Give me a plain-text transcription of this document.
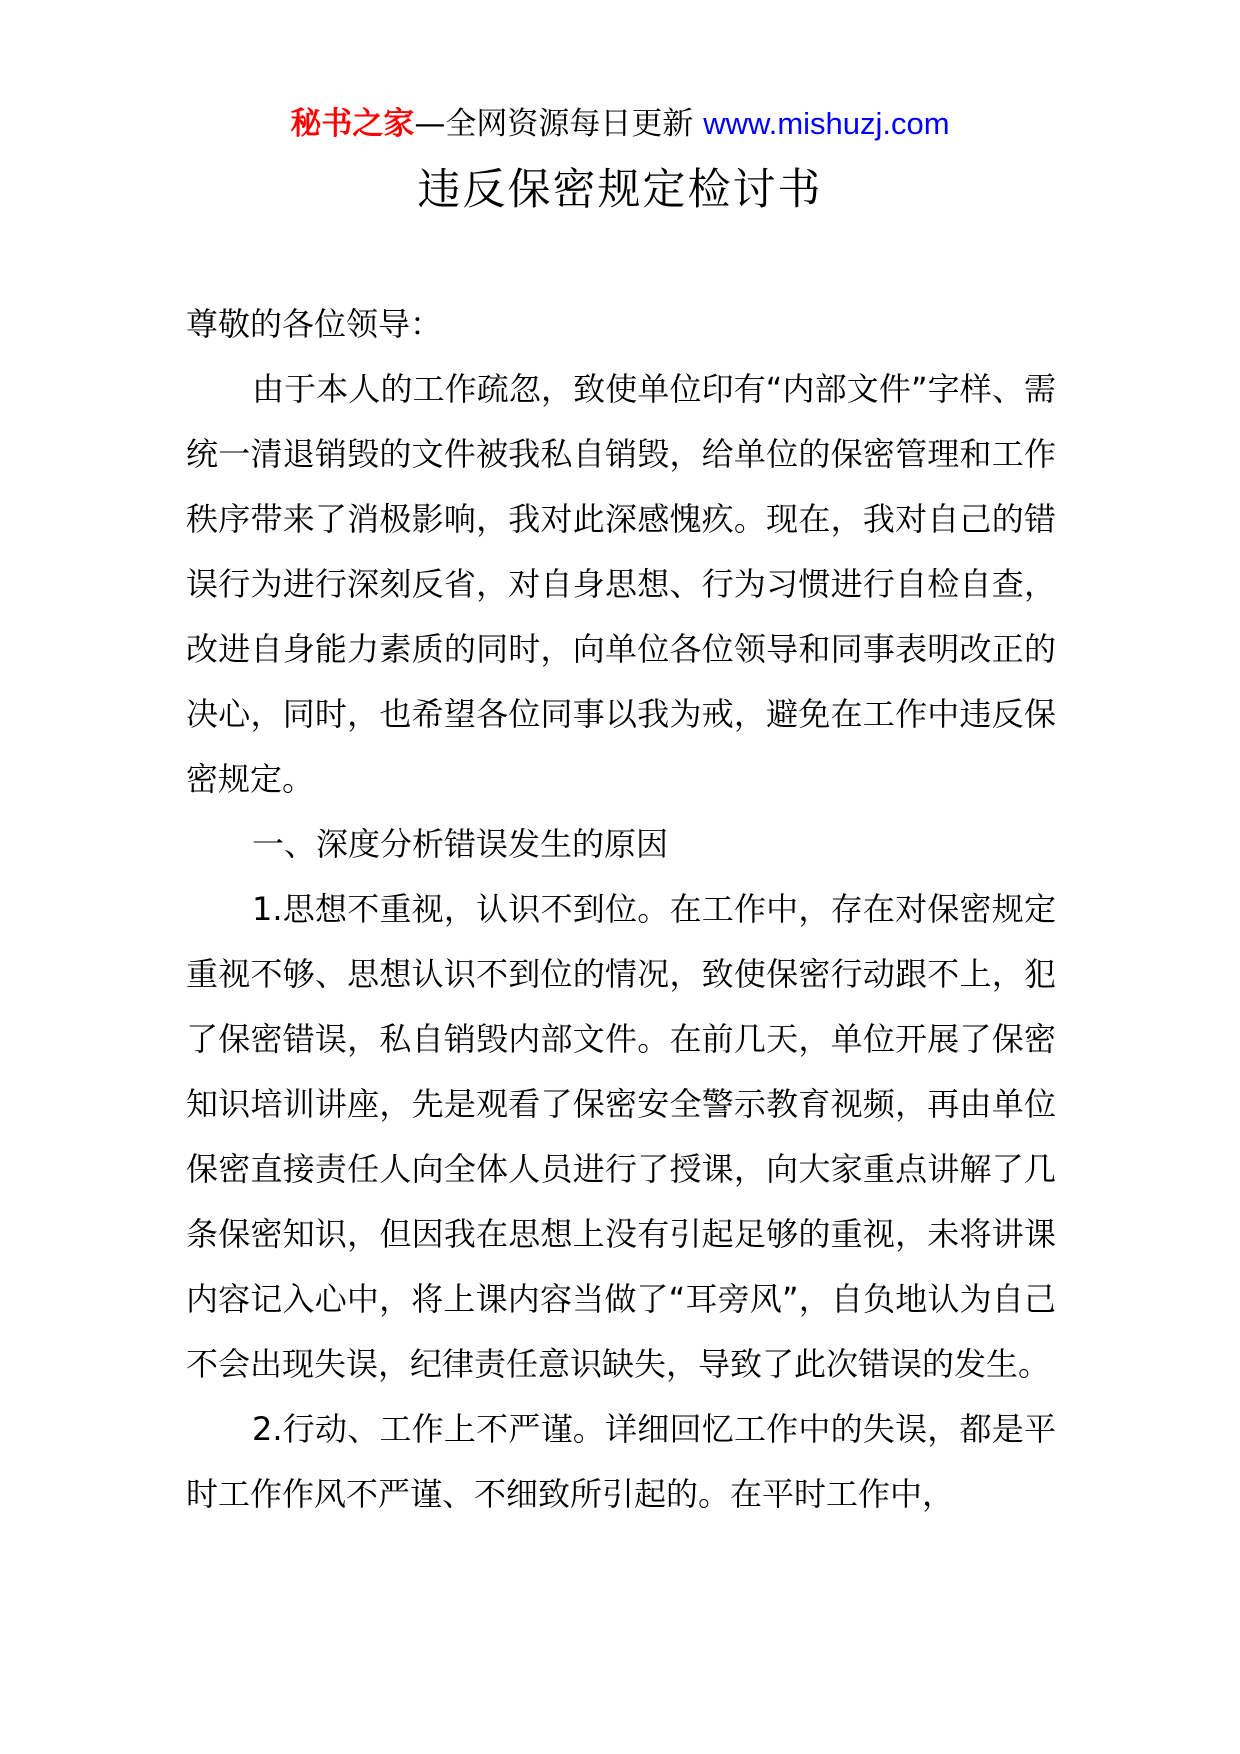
秘书之家—全网资源每日更新 www.mishuzj.com
违反保密规定检讨书

尊敬的各位领导：

由于本人的工作疏忽，致使单位印有“内部文件”字样、需统一清退销毁的文件被我私自销毁，给单位的保密管理和工作秩序带来了消极影响，我对此深感愧疚。现在，我对自己的错误行为进行深刻反省，对自身思想、行为习惯进行自检自查，改进自身能力素质的同时，向单位各位领导和同事表明改正的决心，同时，也希望各位同事以我为戒，避免在工作中违反保密规定。

一、深度分析错误发生的原因

1.思想不重视，认识不到位。在工作中，存在对保密规定重视不够、思想认识不到位的情况，致使保密行动跟不上，犯了保密错误，私自销毁内部文件。在前几天，单位开展了保密知识培训讲座，先是观看了保密安全警示教育视频，再由单位保密直接责任人向全体人员进行了授课，向大家重点讲解了几条保密知识，但因我在思想上没有引起足够的重视，未将讲课内容记入心中，将上课内容当做了“耳旁风”，自负地认为自己不会出现失误，纪律责任意识缺失，导致了此次错误的发生。

2.行动、工作上不严谨。详细回忆工作中的失误，都是平时工作作风不严谨、不细致所引起的。在平时工作中，
